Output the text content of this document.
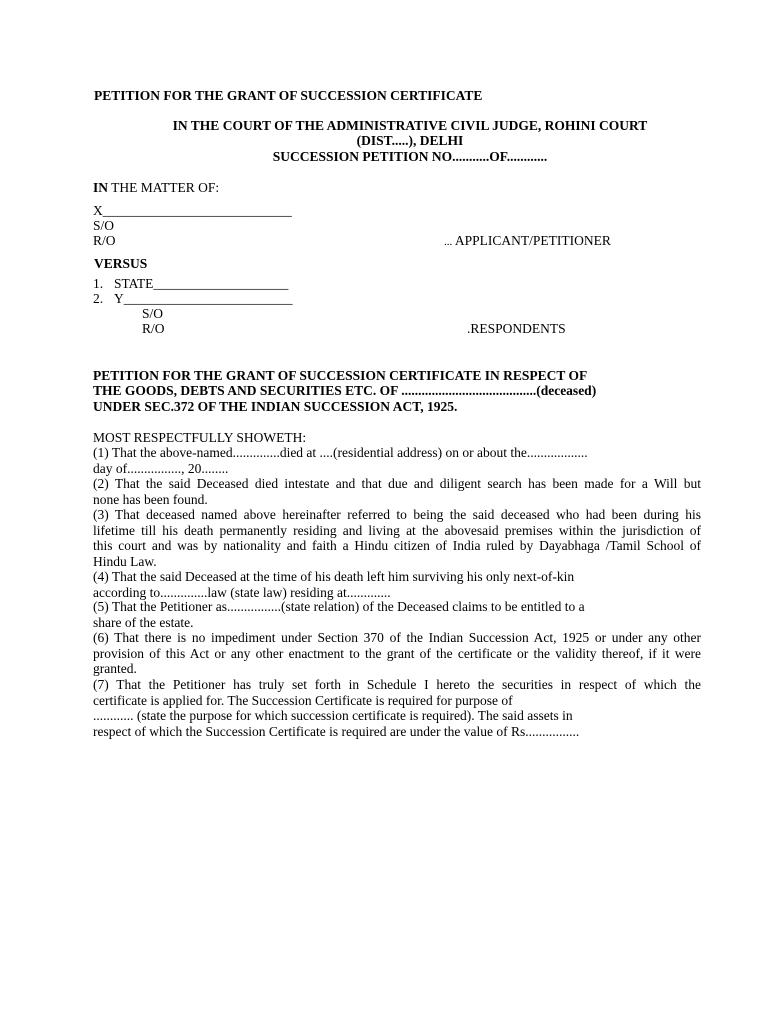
PETITION FOR THE GRANT OF SUCCESSION CERTIFICATE
IN THE COURT OF THE ADMINISTRATIVE CIVIL JUDGE, ROHINI COURT
(DIST.....), DELHI
SUCCESSION PETITION NO...........OF............
IN THE MATTER OF:
X____________________________
S/O
R/O	... APPLICANT/PETITIONER
VERSUS
1. STATE____________________
2. Y_________________________
S/O
R/O	.RESPONDENTS
PETITION FOR THE GRANT OF SUCCESSION CERTIFICATE IN RESPECT OF
THE GOODS, DEBTS AND SECURITIES ETC. OF ........................................(deceased)
UNDER SEC.372 OF THE INDIAN SUCCESSION ACT, 1925.
MOST RESPECTFULLY SHOWETH:
(1) That the above-named..............died at ....(residential address) on or about the..................
day of................, 20........
(2) That the said Deceased died intestate and that due and diligent search has been made for a Will but
none has been found.
(3) That deceased named above hereinafter referred to being the said deceased who had been during his
lifetime till his death permanently residing and living at the abovesaid premises within the jurisdiction of
this court and was by nationality and faith a Hindu citizen of India ruled by Dayabhaga /Tamil School of
Hindu Law.
(4) That the said Deceased at the time of his death left him surviving his only next-of-kin
according to..............law (state law) residing at.............
(5) That the Petitioner as................(state relation) of the Deceased claims to be entitled to a
share of the estate.
(6) That there is no impediment under Section 370 of the Indian Succession Act, 1925 or under any other
provision of this Act or any other enactment to the grant of the certificate or the validity thereof, if it were
granted.
(7) That the Petitioner has truly set forth in Schedule I hereto the securities in respect of which the
certificate is applied for. The Succession Certificate is required for purpose of
............ (state the purpose for which succession certificate is required). The said assets in
respect of which the Succession Certificate is required are under the value of Rs................
